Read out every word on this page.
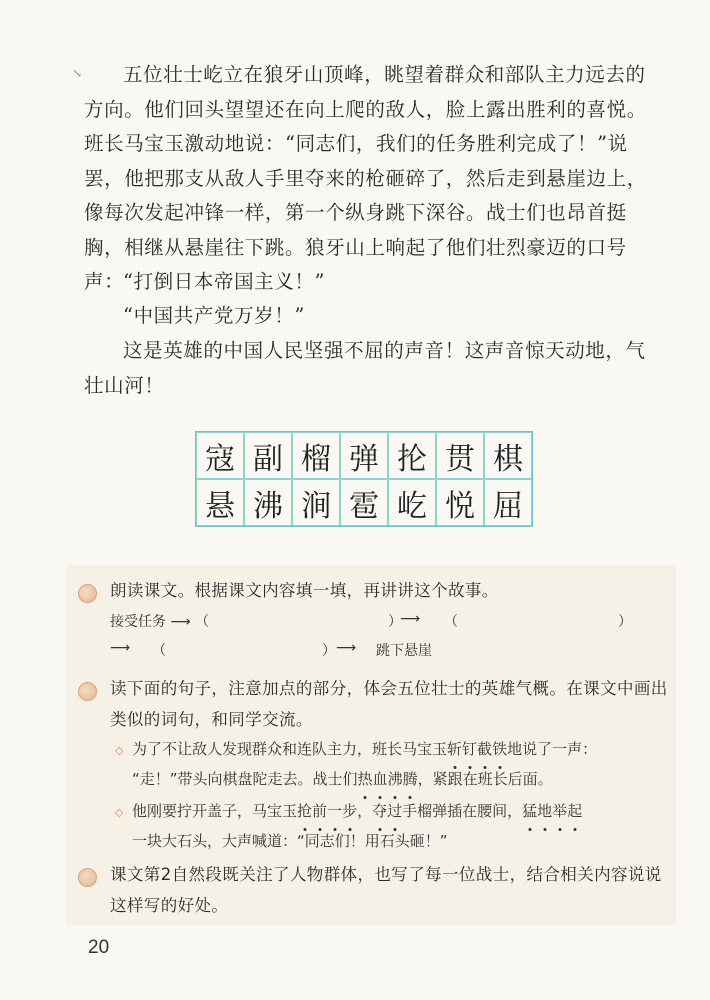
↘	五位壮士屹立在狼牙山顶峰，眺望着群众和部队主力远去的方向。他们回头望望还在向上爬的敌人，脸上露出胜利的喜悦。班长马宝玉激动地说：“同志们，我们的任务胜利完成了！”说罢，他把那支从敌人手里夺来的枪砸碎了，然后走到悬崖边上，像每次发起冲锋一样，第一个纵身跳下深谷。战士们也昂首挺胸，相继从悬崖往下跳。狼牙山上响起了他们壮烈豪迈的口号声：

“打倒日本帝国主义！”

“中国共产党万岁！”

这是英雄的中国人民坚强不屈的声音！这声音惊天动地，气壮山河！

寇 副 榴 弹 抡 贯 棋
悬 沸 涧 雹 屹 悦 屈

朗读课文。根据课文内容填一填，再讲讲这个故事。

接受任务 ⟶ （	）
⟶ （	）
⟶ （	） ⟶ 跳下悬崖

读下面的句子，注意加点的部分，体会五位壮士的英雄气概。在课文中画出类似的词句，和同学交流。

◇ 为了不让敌人发现群众和连队主力，班长马宝玉斩钉截铁地说了一声：

“走！”带头向棋盘陀走去。战士们热血沸腾，紧跟在班长后面。

◇ 他刚要拧开盖子，马宝玉抢前一步，夺过手榴弹插在腰间，猛地举起

一块大石头，大声喊道：“同志们！用石头砸！”

课文第2自然段既关注了人物群体，也写了每一位战士，结合相关内容说说这样写的好处。

20
